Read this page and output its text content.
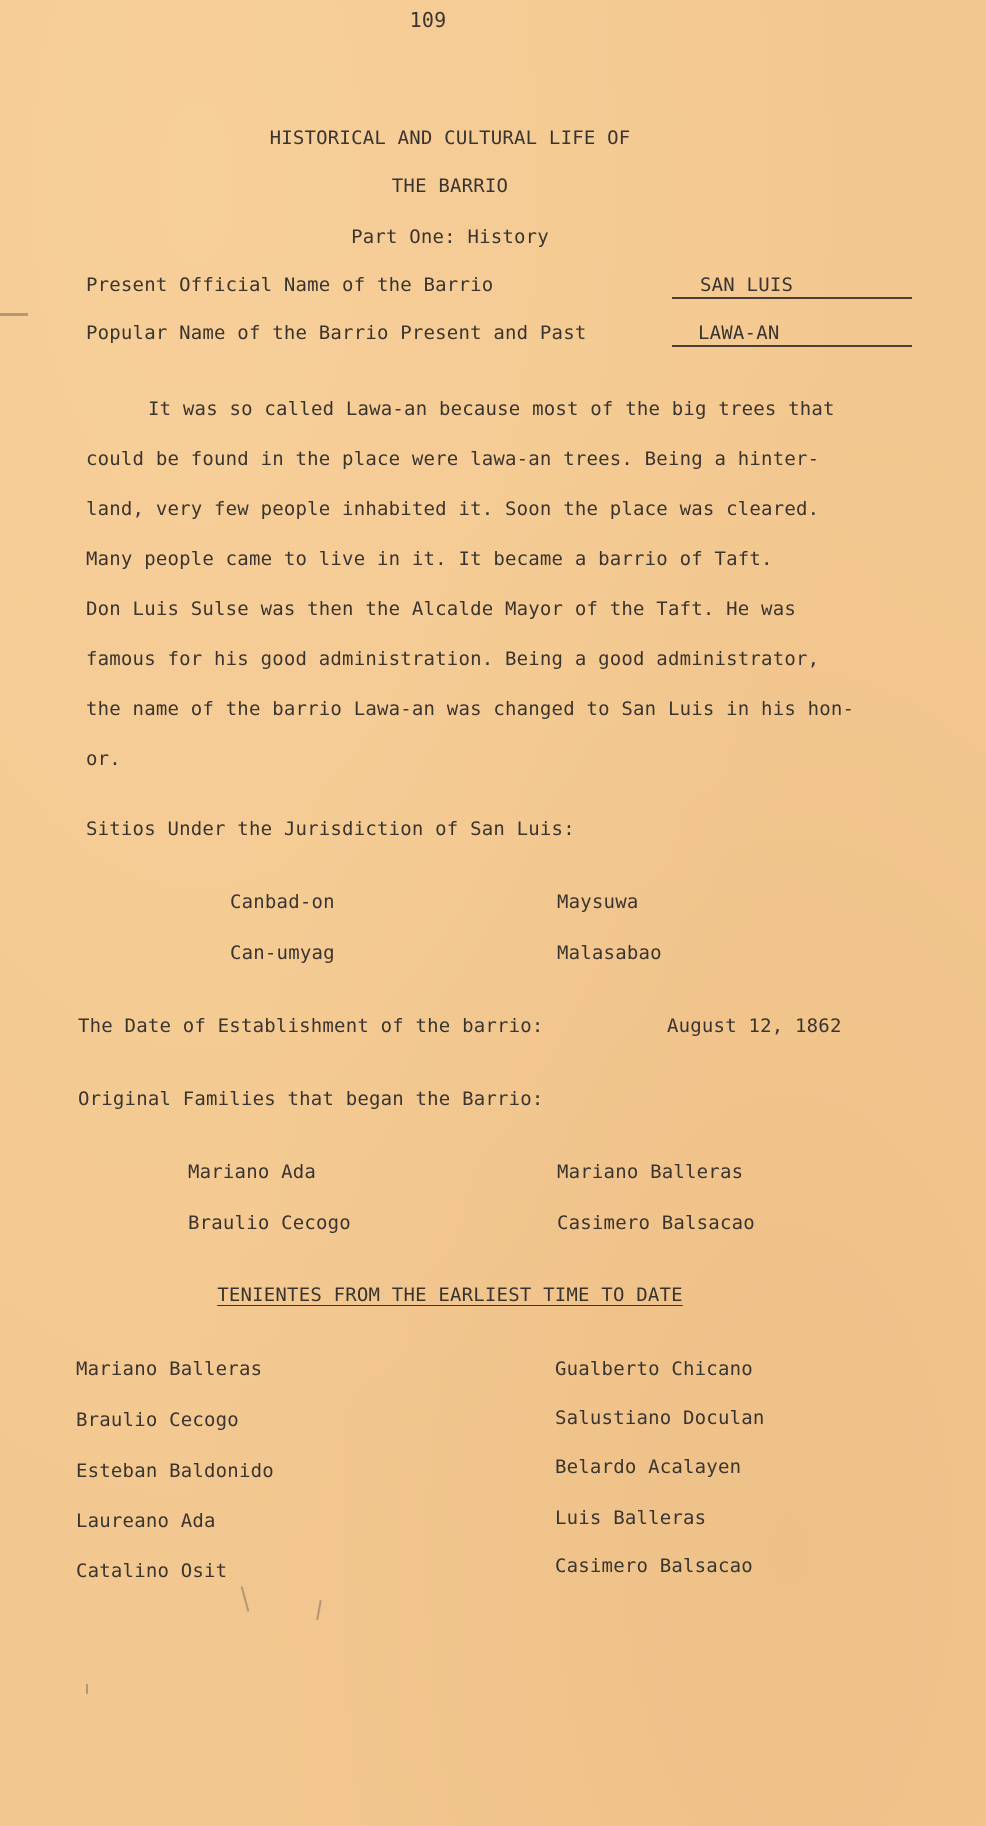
109
HISTORICAL AND CULTURAL LIFE OF
THE BARRIO
Part One: History
Present Official Name of the Barrio	SAN LUIS
Popular Name of the Barrio Present and Past	LAWA-AN
It was so called Lawa-an because most of the big trees that
could be found in the place were lawa-an trees. Being a hinter-
land, very few people inhabited it. Soon the place was cleared.
Many people came to live in it. It became a barrio of Taft.
Don Luis Sulse was then the Alcalde Mayor of the Taft. He was
famous for his good administration. Being a good administrator,
the name of the barrio Lawa-an was changed to San Luis in his hon-
or.
Sitios Under the Jurisdiction of San Luis:
Canbad-on	Maysuwa
Can-umyag	Malasabao
The Date of Establishment of the barrio:	August 12, 1862
Original Families that began the Barrio:
Mariano Ada	Mariano Balleras
Braulio Cecogo	Casimero Balsacao
TENIENTES FROM THE EARLIEST TIME TO DATE
Mariano Balleras	Gualberto Chicano
Braulio Cecogo	Salustiano Doculan
Esteban Baldonido	Belardo Acalayen
Laureano Ada	Luis Balleras
Catalino Osit	Casimero Balsacao
